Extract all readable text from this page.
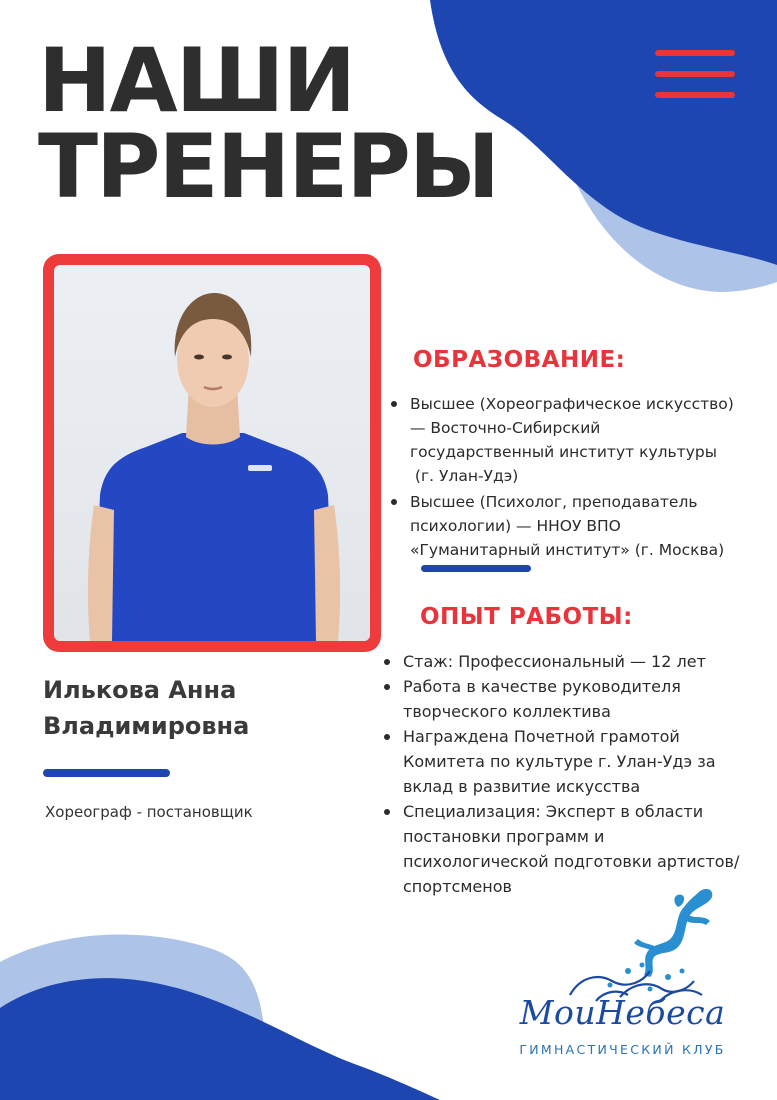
НАШИ
ТРЕНЕРЫ
Илькова Анна
Владимировна
Хореограф - постановщик
ОБРАЗОВАНИЕ:
Высшее (Хореографическое искусство)
— Восточно-Сибирский
государственный институт культуры
(г. Улан-Удэ)
Высшее (Психолог, преподаватель
психологии) — ННОУ ВПО
«Гуманитарный институт» (г. Москва)
ОПЫТ РАБОТЫ:
Стаж: Профессиональный — 12 лет
Работа в качестве руководителя
творческого коллектива
Награждена Почетной грамотой
Комитета по культуре г. Улан-Удэ за
вклад в развитие искусства
Специализация: Эксперт в области
постановки программ и
психологической подготовки артистов/
спортсменов
МоиНебеса
ГИМНАСТИЧЕСКИЙ КЛУБ
